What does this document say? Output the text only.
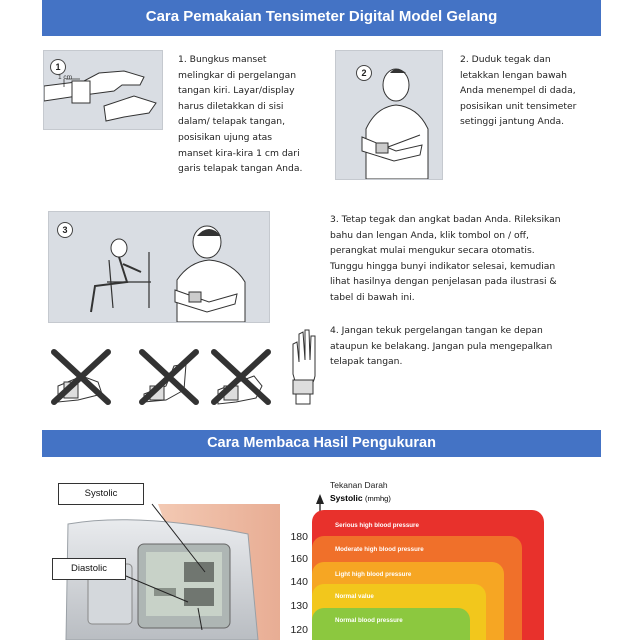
Cara Pemakaian Tensimeter Digital Model Gelang
1
1 cm
1. Bungkus manset
melingkar di pergelangan
tangan kiri. Layar/display
harus diletakkan di sisi
dalam/ telapak tangan,
posisikan ujung atas
manset kira-kira 1 cm dari
garis telapak tangan Anda.
2
2. Duduk tegak dan
letakkan lengan bawah
Anda menempel di dada,
posisikan unit tensimeter
setinggi jantung Anda.
3
3. Tetap tegak dan angkat badan Anda. Rileksikan
bahu dan lengan Anda, klik tombol on / off,
perangkat mulai mengukur secara otomatis.
Tunggu hingga bunyi indikator selesai, kemudian
lihat hasilnya dengan penjelasan pada ilustrasi &
tabel di bawah ini.
4. Jangan tekuk pergelangan tangan ke depan
ataupun ke belakang. Jangan pula mengepalkan
telapak tangan.
Cara Membaca Hasil Pengukuran
Systolic
Diastolic
Tekanan Darah
Systolic (mmhg)
180
160
140
130
120
Serious high blood pressure
Moderate high blood pressure
Light high blood pressure
Normal value
Normal blood pressure
